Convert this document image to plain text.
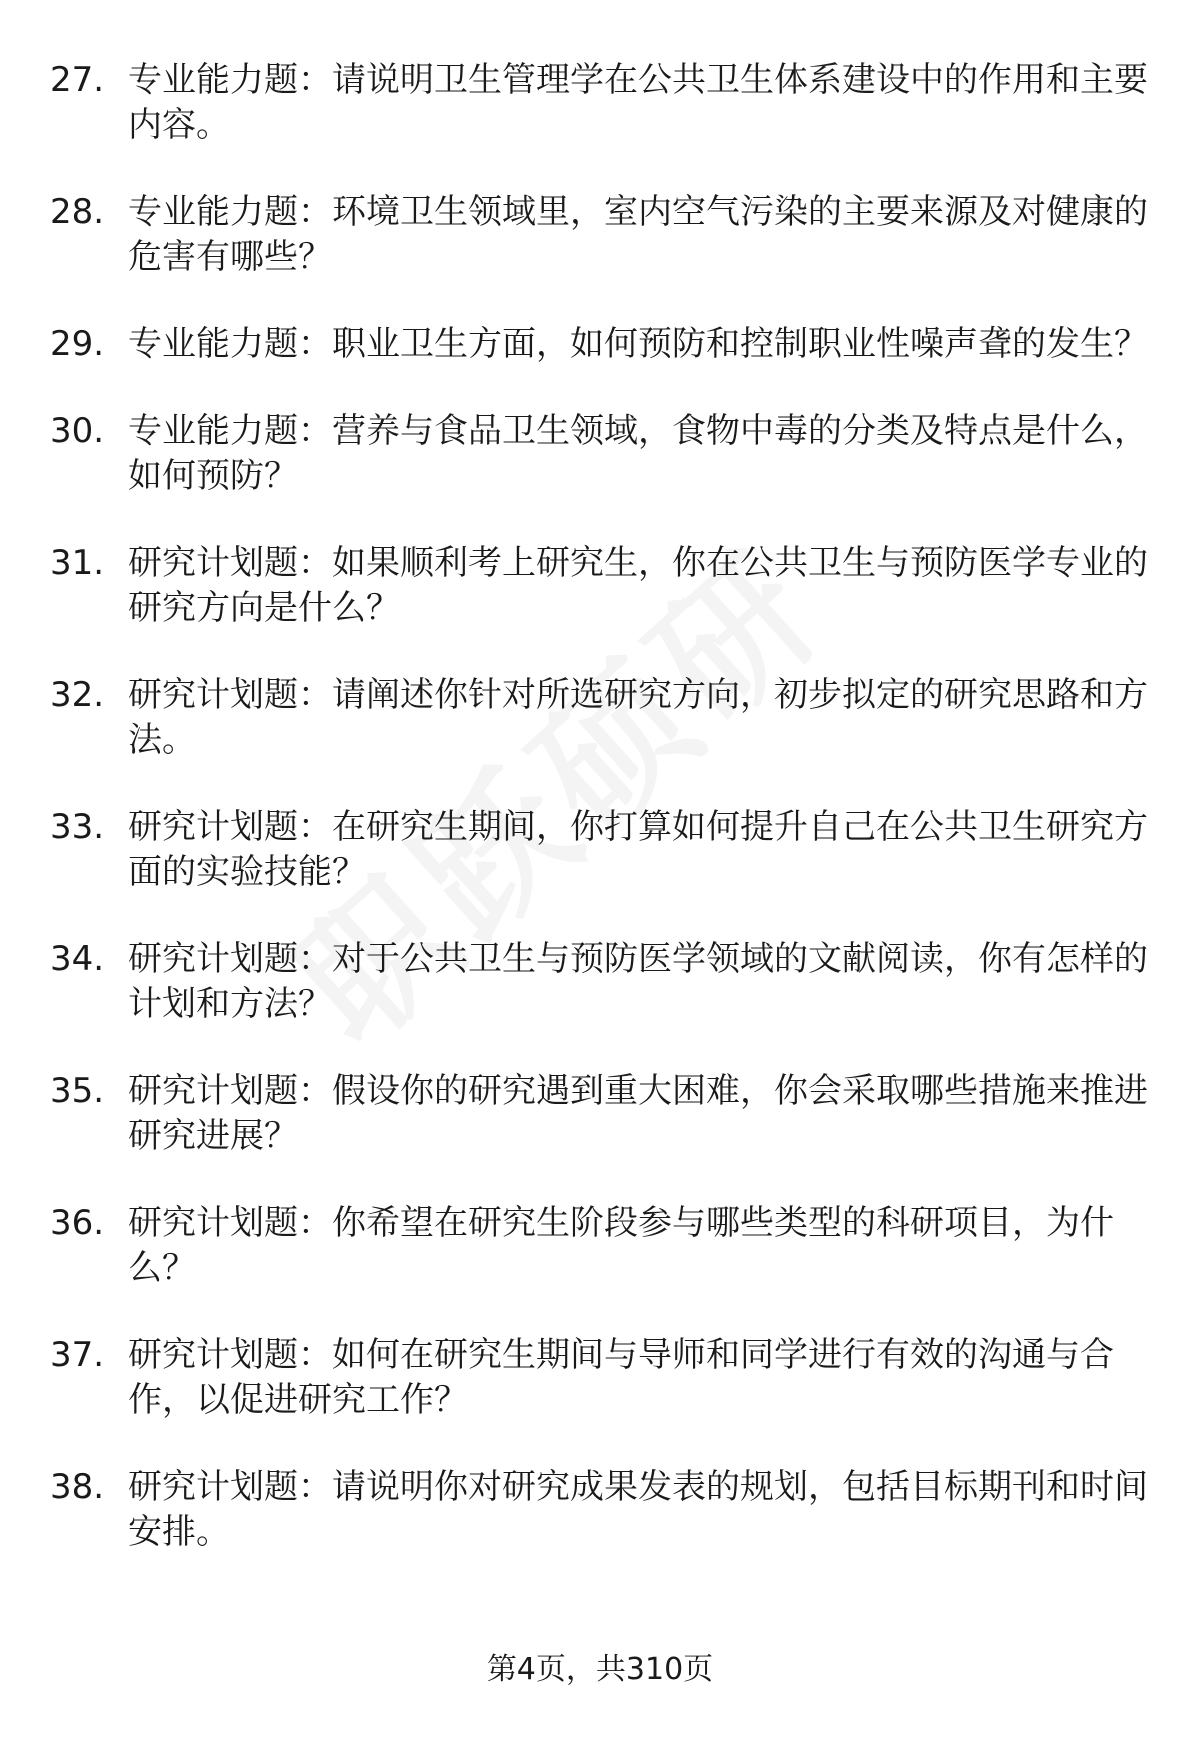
27. 专业能力题：请说明卫生管理学在公共卫生体系建设中的作用和主要内容。
28. 专业能力题：环境卫生领域里，室内空气污染的主要来源及对健康的危害有哪些？
29. 专业能力题：职业卫生方面，如何预防和控制职业性噪声聋的发生？
30. 专业能力题：营养与食品卫生领域，食物中毒的分类及特点是什么，如何预防？
31. 研究计划题：如果顺利考上研究生，你在公共卫生与预防医学专业的研究方向是什么？
32. 研究计划题：请阐述你针对所选研究方向，初步拟定的研究思路和方法。
33. 研究计划题：在研究生期间，你打算如何提升自己在公共卫生研究方面的实验技能？
34. 研究计划题：对于公共卫生与预防医学领域的文献阅读，你有怎样的计划和方法？
35. 研究计划题：假设你的研究遇到重大困难，你会采取哪些措施来推进研究进展？
36. 研究计划题：你希望在研究生阶段参与哪些类型的科研项目，为什么？
37. 研究计划题：如何在研究生期间与导师和同学进行有效的沟通与合作，以促进研究工作？
38. 研究计划题：请说明你对研究成果发表的规划，包括目标期刊和时间安排。
第4页，共310页
